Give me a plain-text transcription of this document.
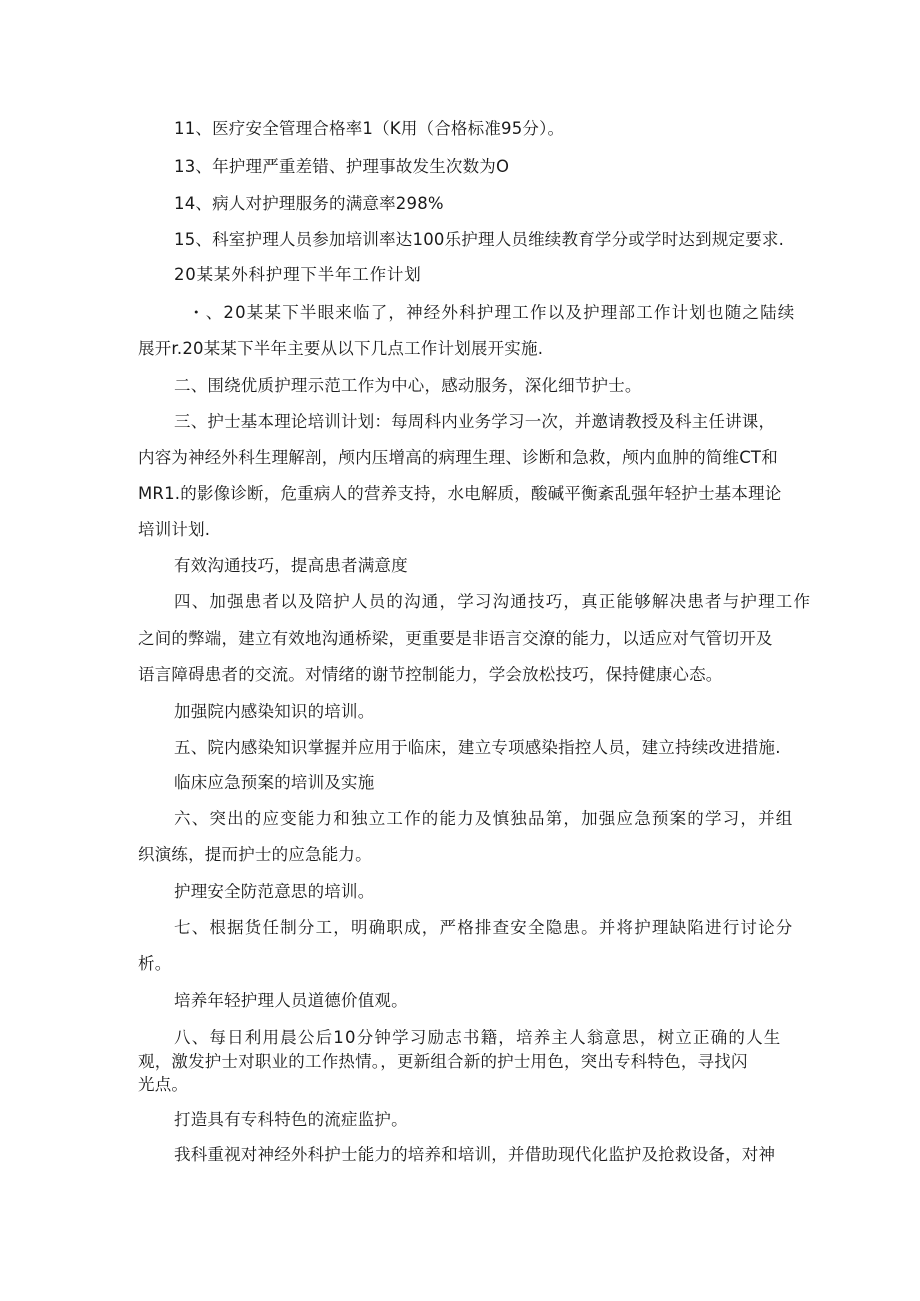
11、医疗安全管理合格率1（K用（合格标准95分）。

13、年护理严重差错、护理事故发生次数为O

14、病人对护理服务的满意率298%

15、科室护理人员参加培训率达100乐护理人员维续教育学分或学时达到规定要求.

20某某外科护理下半年工作计划

・、20某某下半眼来临了，神经外科护理工作以及护理部工作计划也随之陆续

展开r.20某某下半年主要从以下几点工作计划展开实施.

二、围绕优质护理示范工作为中心，感动服务，深化细节护士。

三、护士基本理论培训计划：每周科内业务学习一次，并邀请教授及科主任讲课，

内容为神经外科生理解剖，颅内压增高的病理生理、诊断和急救，颅内血肿的简维CT和

MR1.的影像诊断，危重病人的营养支持，水电解质，酸碱平衡紊乱强年轻护士基本理论

培训计划.

有效沟通技巧，提高患者满意度

四、加强患者以及陪护人员的沟通，学习沟通技巧，真正能够解决患者与护理工作

之间的弊端，建立有效地沟通桥梁，更重要是非语言交潦的能力，以适应对气管切开及

语言障碍患者的交流。对情绪的谢节控制能力，学会放松技巧，保持健康心态。

加强院内感染知识的培训。

五、院内感染知识掌握并应用于临床，建立专项感染指控人员，建立持续改进措施.

临床应急预案的培训及实施

六、突出的应变能力和独立工作的能力及慎独品第，加强应急预案的学习，并组

织演练，提而护士的应急能力。

护理安全防范意思的培训。

七、根据货任制分工，明确职成，严格排查安全隐患。并将护理缺陷进行讨论分

析。

培养年轻护理人员道德价值观。

八、每日利用晨公后10分钟学习励志书籍，培养主人翁意思，树立正确的人生

观，激发护士对职业的工作热情。，更新组合新的护士用色，突出专科特色，寻找闪

光点。

打造具有专科特色的流症监护。

我科重视对神经外科护士能力的培养和培训，并借助现代化监护及抢救设备，对神
